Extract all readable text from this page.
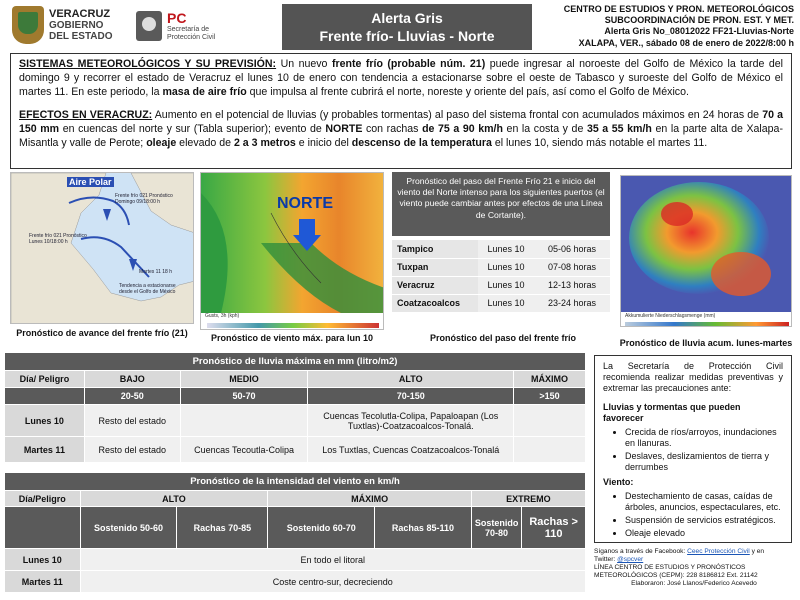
VERACRUZ
GOBIERNO
DEL ESTADO
PC
Secretaría de
Protección Civil
Alerta Gris
Frente frío- Lluvias - Norte
CENTRO DE ESTUDIOS Y PRON. METEOROLÓGICOS
SUBCOORDINACIÓN DE PRON. EST. Y MET.
Alerta Gris No_08012022 FF21-Lluvias-Norte
XALAPA, VER., sábado 08 de enero de 2022/8:00 h

SISTEMAS METEOROLÓGICOS Y SU PREVISIÓN: Un nuevo frente frío (probable núm. 21) puede ingresar al noroeste del Golfo de México la tarde del domingo 9 y recorrer el estado de Veracruz el lunes 10 de enero con tendencia a estacionarse sobre el oeste de Tabasco y suroeste del Golfo de México el martes 11. En este periodo, la masa de aire frío que impulsa al frente cubrirá el norte, noreste y oriente del país, así como el Golfo de México.

EFECTOS EN VERACRUZ: Aumento en el potencial de lluvias (y probables tormentas) al paso del sistema frontal con acumulados máximos en 24 horas de 70 a 150 mm en cuencas del norte y sur (Tabla superior); evento de NORTE con rachas de 75 a 90 km/h en la costa y de 35 a 55 km/h en la parte alta de Xalapa-Misantla y valle de Perote; oleaje elevado de 2 a 3 metros e inicio del descenso de la temperatura el lunes 10, siendo más notable el martes 11.

Aire Polar
Frente frío 021 Pronóstico Domingo 09/18:00 h
Frente frío 021 Pronóstico Lunes 10/18:00 h
Tendencia a estacionarse desde el Golfo de México
Martes 11 18 h
Pronóstico de avance del frente frío (21)
NORTE
Gusts, 3h (kph)
Pronóstico de viento máx. para lun 10
Pronóstico del paso del Frente Frío 21 e inicio del viento del Norte intenso para los siguientes puertos (el viento puede cambiar antes por efectos de una Línea de Cortante).
Tampico	Lunes 10	05-06 horas
Tuxpan	Lunes 10	07-08 horas
Veracruz	Lunes 10	12-13 horas
Coatzacoalcos	Lunes 10	23-24 horas
Pronóstico del paso del frente frío
Akkumulierte Niederschlagsmenge (mm)
Pronóstico de lluvia acum. lunes-martes
Pronóstico de lluvia máxima en mm (litro/m2)				
Día/ Peligro	BAJO	MEDIO	ALTO	MÁXIMO
	20-50	50-70	70-150	>150
Lunes 10	Resto del estado		Cuencas Tecolutla-Colipa, Papaloapan (Los Tuxtlas)-Coatzacoalcos-Tonalá.	
Martes 11	Resto del estado	Cuencas Tecoutla-Colipa	Los Tuxtlas, Cuencas Coatzacoalcos-Tonalá	
Pronóstico de la intensidad del viento en km/h						
Día/Peligro	ALTO		MÁXIMO		EXTREMO	
	Sostenido 50-60	Rachas 70-85	Sostenido 60-70	Rachas 85-110	Sostenido 70-80	Rachas > 110
Lunes 10	En todo el litoral					
Martes 11	Coste centro-sur, decreciendo					
La Secretaría de Protección Civil recomienda realizar medidas preventivas y extremar las precauciones ante:
Lluvias y tormentas que pueden favorecer
• Crecida de ríos/arroyos, inundaciones en llanuras.
• Deslaves, deslizamientos de tierra y derrumbes
Viento:
• Destechamiento de casas, caídas de árboles, anuncios, espectaculares, etc.
• Suspensión de servicios estratégicos.
• Oleaje elevado
Síganos a través de Facebook: Ceec Protección Civil y en
Twitter: @spcver
LÍNEA CENTRO DE ESTUDIOS Y PRONÓSTICOS
METEOROLÓGICOS (CEPM): 228 8186812 Ext. 21142
Elaboraron: José Llanos/Federico Acevedo
